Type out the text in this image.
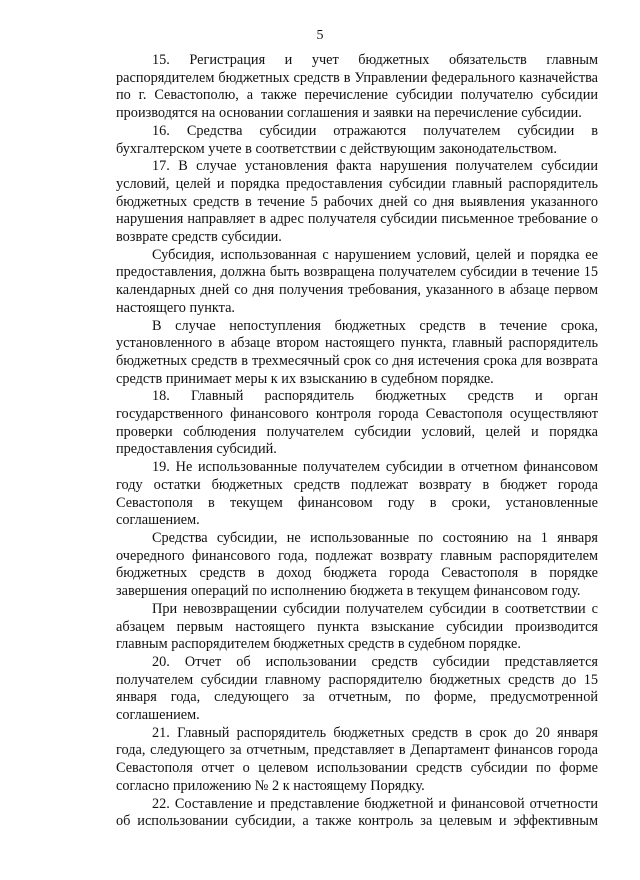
5

15. Регистрация и учет бюджетных обязательств главным распорядителем бюджетных средств в Управлении федерального казначейства по г. Севастополю, а также перечисление субсидии получателю субсидии производятся на основании соглашения и заявки на перечисление субсидии.

16. Средства субсидии отражаются получателем субсидии в бухгалтерском учете в соответствии с действующим законодательством.

17. В случае установления факта нарушения получателем субсидии условий, целей и порядка предоставления субсидии главный распорядитель бюджетных средств в течение 5 рабочих дней со дня выявления указанного нарушения направляет в адрес получателя субсидии письменное требование о возврате средств субсидии.

Субсидия, использованная с нарушением условий, целей и порядка ее предоставления, должна быть возвращена получателем субсидии в течение 15 календарных дней со дня получения требования, указанного в абзаце первом настоящего пункта.

В случае непоступления бюджетных средств в течение срока, установленного в абзаце втором настоящего пункта, главный распорядитель бюджетных средств в трехмесячный срок со дня истечения срока для возврата средств принимает меры к их взысканию в судебном порядке.

18. Главный распорядитель бюджетных средств и орган государственного финансового контроля города Севастополя осуществляют проверки соблюдения получателем субсидии условий, целей и порядка предоставления субсидий.

19. Не использованные получателем субсидии в отчетном финансовом году остатки бюджетных средств подлежат возврату в бюджет города Севастополя в текущем финансовом году в сроки, установленные соглашением.

Средства субсидии, не использованные по состоянию на 1 января очередного финансового года, подлежат возврату главным распорядителем бюджетных средств в доход бюджета города Севастополя в порядке завершения операций по исполнению бюджета в текущем финансовом году.

При невозвращении субсидии получателем субсидии в соответствии с абзацем первым настоящего пункта взыскание субсидии производится главным распорядителем бюджетных средств в судебном порядке.

20. Отчет об использовании средств субсидии представляется получателем субсидии главному распорядителю бюджетных средств до 15 января года, следующего за отчетным, по форме, предусмотренной соглашением.

21. Главный распорядитель бюджетных средств в срок до 20 января года, следующего за отчетным, представляет в Департамент финансов города Севастополя отчет о целевом использовании средств субсидии по форме согласно приложению № 2 к настоящему Порядку.

22. Составление и представление бюджетной и финансовой отчетности об использовании субсидии, а также контроль за целевым и эффективным
